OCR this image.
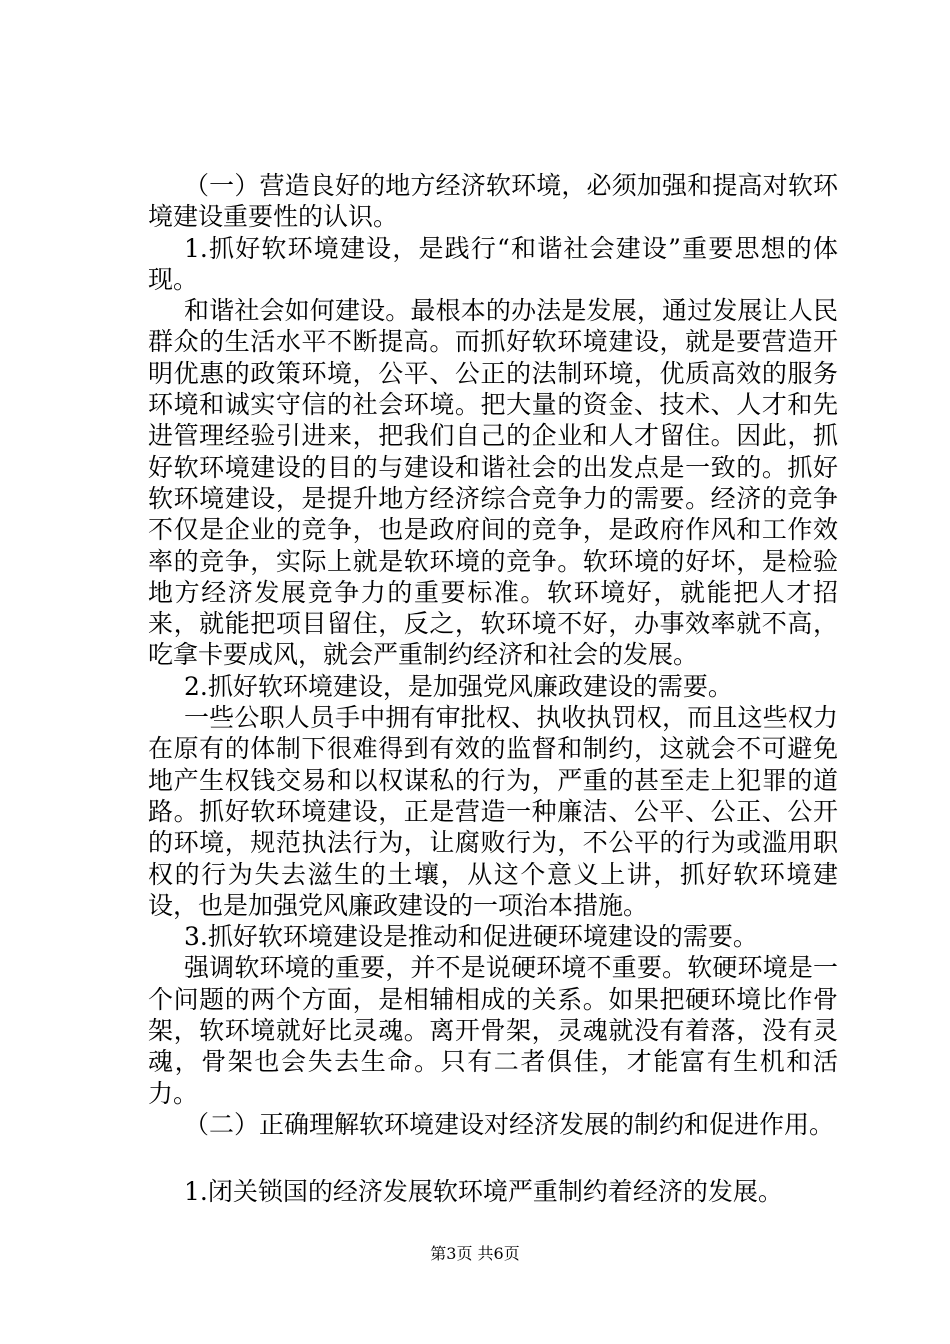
（一）营造良好的地方经济软环境，必须加强和提高对软环境建设重要性的认识。

1.抓好软环境建设，是践行“和谐社会建设”重要思想的体现。

和谐社会如何建设。最根本的办法是发展，通过发展让人民群众的生活水平不断提高。而抓好软环境建设，就是要营造开明优惠的政策环境，公平、公正的法制环境，优质高效的服务环境和诚实守信的社会环境。把大量的资金、技术、人才和先进管理经验引进来，把我们自己的企业和人才留住。因此，抓好软环境建设的目的与建设和谐社会的出发点是一致的。抓好软环境建设，是提升地方经济综合竞争力的需要。经济的竞争不仅是企业的竞争，也是政府间的竞争，是政府作风和工作效率的竞争，实际上就是软环境的竞争。软环境的好坏，是检验地方经济发展竞争力的重要标准。软环境好，就能把人才招来，就能把项目留住，反之，软环境不好，办事效率就不高，吃拿卡要成风，就会严重制约经济和社会的发展。

2.抓好软环境建设，是加强党风廉政建设的需要。

一些公职人员手中拥有审批权、执收执罚权，而且这些权力在原有的体制下很难得到有效的监督和制约，这就会不可避免地产生权钱交易和以权谋私的行为，严重的甚至走上犯罪的道路。抓好软环境建设，正是营造一种廉洁、公平、公正、公开的环境，规范执法行为，让腐败行为，不公平的行为或滥用职权的行为失去滋生的土壤，从这个意义上讲，抓好软环境建设，也是加强党风廉政建设的一项治本措施。

3.抓好软环境建设是推动和促进硬环境建设的需要。

强调软环境的重要，并不是说硬环境不重要。软硬环境是一个问题的两个方面，是相辅相成的关系。如果把硬环境比作骨架，软环境就好比灵魂。离开骨架，灵魂就没有着落，没有灵魂，骨架也会失去生命。只有二者俱佳，才能富有生机和活力。

（二）正确理解软环境建设对经济发展的制约和促进作用。

1.闭关锁国的经济发展软环境严重制约着经济的发展。

第3页 共6页
